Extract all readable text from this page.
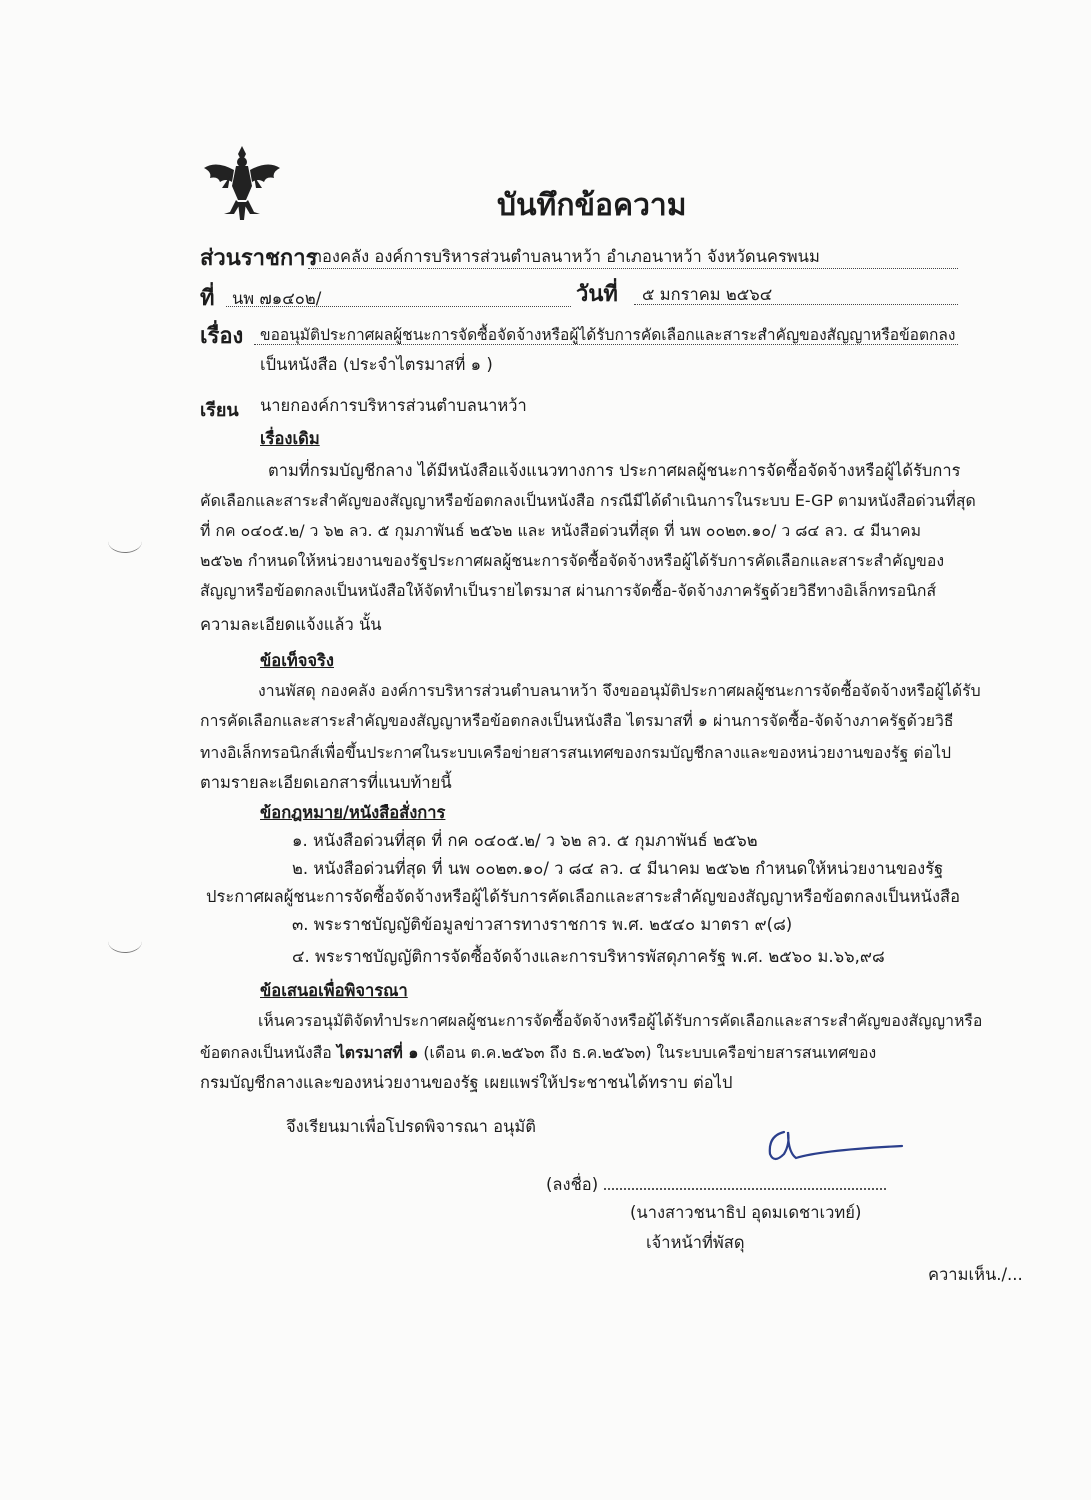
บันทึกข้อความ
ส่วนราชการ
กองคลัง องค์การบริหารส่วนตำบลนาหว้า อำเภอนาหว้า จังหวัดนครพนม
ที่ นพ ๗๑๔๐๒/	วันที่ ๕ มกราคม ๒๕๖๔
เรื่อง ขออนุมัติประกาศผลผู้ชนะการจัดซื้อจัดจ้างหรือผู้ได้รับการคัดเลือกและสาระสำคัญของสัญญาหรือข้อตกลง
เป็นหนังสือ (ประจำไตรมาสที่ ๑ )
เรียน นายกองค์การบริหารส่วนตำบลนาหว้า
เรื่องเดิม
ตามที่กรมบัญชีกลาง ได้มีหนังสือแจ้งแนวทางการ ประกาศผลผู้ชนะการจัดซื้อจัดจ้างหรือผู้ได้รับการ
คัดเลือกและสาระสำคัญของสัญญาหรือข้อตกลงเป็นหนังสือ กรณีมีได้ดำเนินการในระบบ E-GP ตามหนังสือด่วนที่สุด
ที่ กค ๐๔๐๕.๒/ ว ๖๒ ลว. ๕ กุมภาพันธ์ ๒๕๖๒ และ หนังสือด่วนที่สุด ที่ นพ ๐๐๒๓.๑๐/ ว ๘๔ ลว. ๔ มีนาคม
๒๕๖๒ กำหนดให้หน่วยงานของรัฐประกาศผลผู้ชนะการจัดซื้อจัดจ้างหรือผู้ได้รับการคัดเลือกและสาระสำคัญของ
สัญญาหรือข้อตกลงเป็นหนังสือให้จัดทำเป็นรายไตรมาส ผ่านการจัดซื้อ-จัดจ้างภาครัฐด้วยวิธีทางอิเล็กทรอนิกส์
ความละเอียดแจ้งแล้ว นั้น
ข้อเท็จจริง
งานพัสดุ กองคลัง องค์การบริหารส่วนตำบลนาหว้า จึงขออนุมัติประกาศผลผู้ชนะการจัดซื้อจัดจ้างหรือผู้ได้รับ
การคัดเลือกและสาระสำคัญของสัญญาหรือข้อตกลงเป็นหนังสือ ไตรมาสที่ ๑ ผ่านการจัดซื้อ-จัดจ้างภาครัฐด้วยวิธี
ทางอิเล็กทรอนิกส์เพื่อขึ้นประกาศในระบบเครือข่ายสารสนเทศของกรมบัญชีกลางและของหน่วยงานของรัฐ ต่อไป
ตามรายละเอียดเอกสารที่แนบท้ายนี้
ข้อกฎหมาย/หนังสือสั่งการ
๑. หนังสือด่วนที่สุด ที่ กค ๐๔๐๕.๒/ ว ๖๒ ลว. ๕ กุมภาพันธ์ ๒๕๖๒
๒. หนังสือด่วนที่สุด ที่ นพ ๐๐๒๓.๑๐/ ว ๘๔ ลว. ๔ มีนาคม ๒๕๖๒ กำหนดให้หน่วยงานของรัฐ
ประกาศผลผู้ชนะการจัดซื้อจัดจ้างหรือผู้ได้รับการคัดเลือกและสาระสำคัญของสัญญาหรือข้อตกลงเป็นหนังสือ
๓. พระราชบัญญัติข้อมูลข่าวสารทางราชการ พ.ศ. ๒๕๔๐ มาตรา ๙(๘)
๔. พระราชบัญญัติการจัดซื้อจัดจ้างและการบริหารพัสดุภาครัฐ พ.ศ. ๒๕๖๐ ม.๖๖,๙๘
ข้อเสนอเพื่อพิจารณา
เห็นควรอนุมัติจัดทำประกาศผลผู้ชนะการจัดซื้อจัดจ้างหรือผู้ได้รับการคัดเลือกและสาระสำคัญของสัญญาหรือ
ข้อตกลงเป็นหนังสือ ไตรมาสที่ ๑ (เดือน ต.ค.๒๕๖๓ ถึง ธ.ค.๒๕๖๓) ในระบบเครือข่ายสารสนเทศของ
กรมบัญชีกลางและของหน่วยงานของรัฐ เผยแพร่ให้ประชาชนได้ทราบ ต่อไป
จึงเรียนมาเพื่อโปรดพิจารณา อนุมัติ
(ลงชื่อ)
(นางสาวชนาธิป อุดมเดชาเวทย์)
เจ้าหน้าที่พัสดุ
ความเห็น./...
